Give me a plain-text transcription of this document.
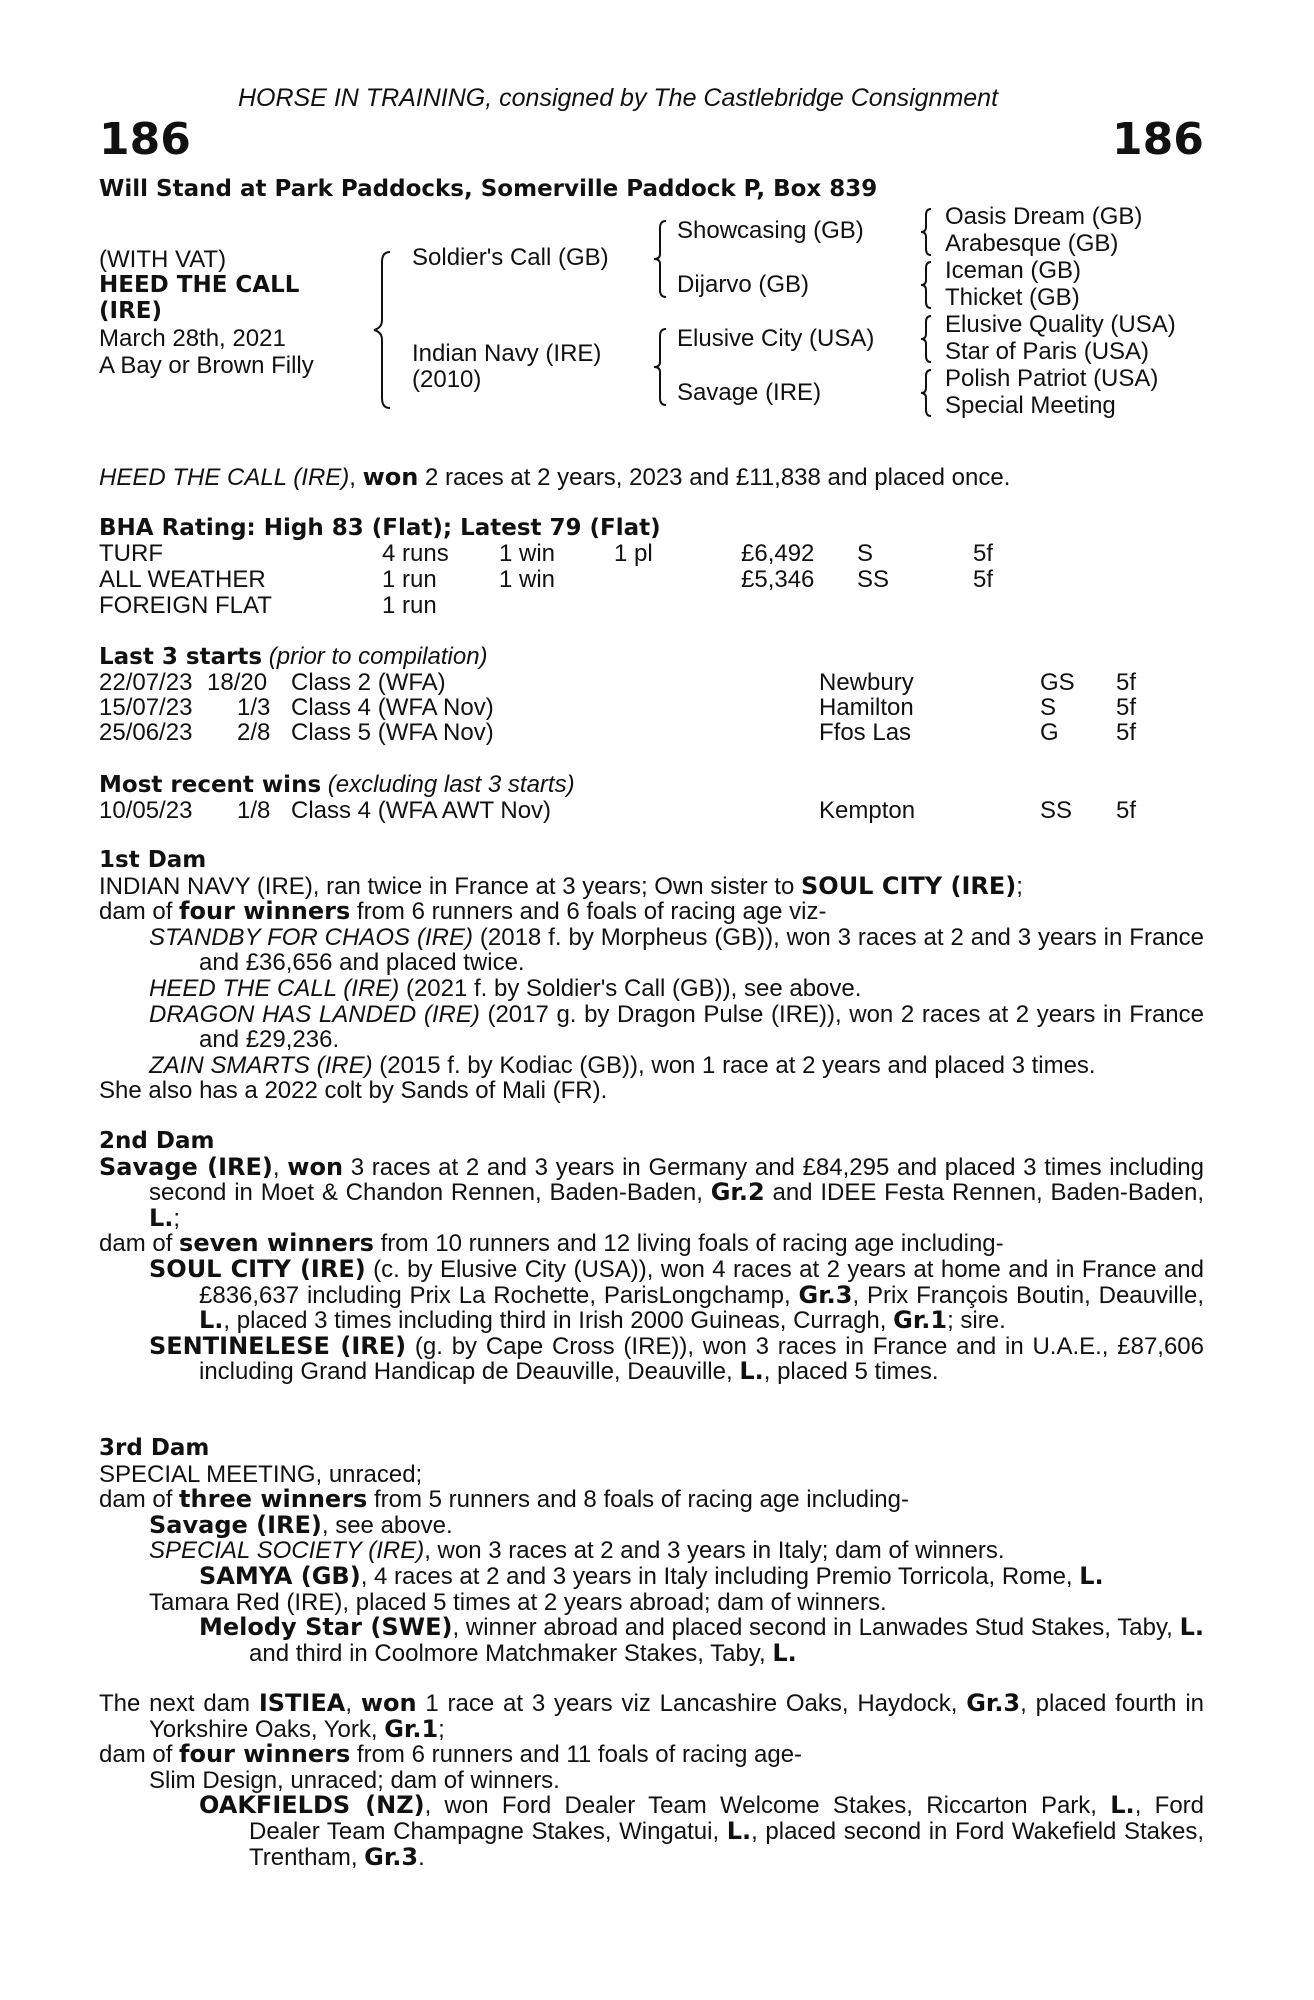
HORSE IN TRAINING, consigned by The Castlebridge Consignment
186	186
Will Stand at Park Paddocks, Somerville Paddock P, Box 839
(WITH VAT)
HEED THE CALL
(IRE)
March 28th, 2021
A Bay or Brown Filly
Soldier's Call (GB)
Indian Navy (IRE)
(2010)
Showcasing (GB)
Dijarvo (GB)
Elusive City (USA)
Savage (IRE)
Oasis Dream (GB)
Arabesque (GB)
Iceman (GB)
Thicket (GB)
Elusive Quality (USA)
Star of Paris (USA)
Polish Patriot (USA)
Special Meeting
HEED THE CALL (IRE), won 2 races at 2 years, 2023 and £11,838 and placed once.
BHA Rating: High 83 (Flat); Latest 79 (Flat)
TURF	4 runs 1 win 1 pl	£6,492 S	5f
ALL WEATHER	1 run	1 win	£5,346 SS	5f
FOREIGN FLAT	1 run
Last 3 starts (prior to compilation)
22/07/23 18/20 Class 2 (WFA)	Newbury	GS 5f
15/07/23 1/3 Class 4 (WFA Nov)	Hamilton	S 5f
25/06/23 2/8 Class 5 (WFA Nov)	Ffos Las	G 5f
Most recent wins (excluding last 3 starts)
10/05/23 1/8 Class 4 (WFA AWT Nov)	Kempton	SS 5f
1st Dam
INDIAN NAVY (IRE), ran twice in France at 3 years; Own sister to SOUL CITY (IRE);
dam of four winners from 6 runners and 6 foals of racing age viz-

STANDBY FOR CHAOS (IRE) (2018 f. by Morpheus (GB)), won 3 races at 2 and 3 years in France and £36,656 and placed twice.

HEED THE CALL (IRE) (2021 f. by Soldier's Call (GB)), see above.

DRAGON HAS LANDED (IRE) (2017 g. by Dragon Pulse (IRE)), won 2 races at 2 years in France and £29,236.

ZAIN SMARTS (IRE) (2015 f. by Kodiac (GB)), won 1 race at 2 years and placed 3 times.

She also has a 2022 colt by Sands of Mali (FR).
2nd Dam

Savage (IRE), won 3 races at 2 and 3 years in Germany and £84,295 and placed 3 times including second in Moet & Chandon Rennen, Baden-Baden, Gr.2 and IDEE Festa Rennen, Baden-Baden, L.;

dam of seven winners from 10 runners and 12 living foals of racing age including-

SOUL CITY (IRE) (c. by Elusive City (USA)), won 4 races at 2 years at home and in France and £836,637 including Prix La Rochette, ParisLongchamp, Gr.3, Prix François Boutin, Deauville, L., placed 3 times including third in Irish 2000 Guineas, Curragh, Gr.1; sire.

SENTINELESE (IRE) (g. by Cape Cross (IRE)), won 3 races in France and in U.A.E., £87,606 including Grand Handicap de Deauville, Deauville, L., placed 5 times.

3rd Dam
SPECIAL MEETING, unraced;
dam of three winners from 5 runners and 8 foals of racing age including-
Savage (IRE), see above.
SPECIAL SOCIETY (IRE), won 3 races at 2 and 3 years in Italy; dam of winners.
SAMYA (GB), 4 races at 2 and 3 years in Italy including Premio Torricola, Rome, L.
Tamara Red (IRE), placed 5 times at 2 years abroad; dam of winners.

Melody Star (SWE), winner abroad and placed second in Lanwades Stud Stakes, Taby, L. and third in Coolmore Matchmaker Stakes, Taby, L.

The next dam ISTIEA, won 1 race at 3 years viz Lancashire Oaks, Haydock, Gr.3, placed fourth in Yorkshire Oaks, York, Gr.1;

dam of four winners from 6 runners and 11 foals of racing age-
Slim Design, unraced; dam of winners.

OAKFIELDS (NZ), won Ford Dealer Team Welcome Stakes, Riccarton Park, L., Ford Dealer Team Champagne Stakes, Wingatui, L., placed second in Ford Wakefield Stakes, Trentham, Gr.3.
